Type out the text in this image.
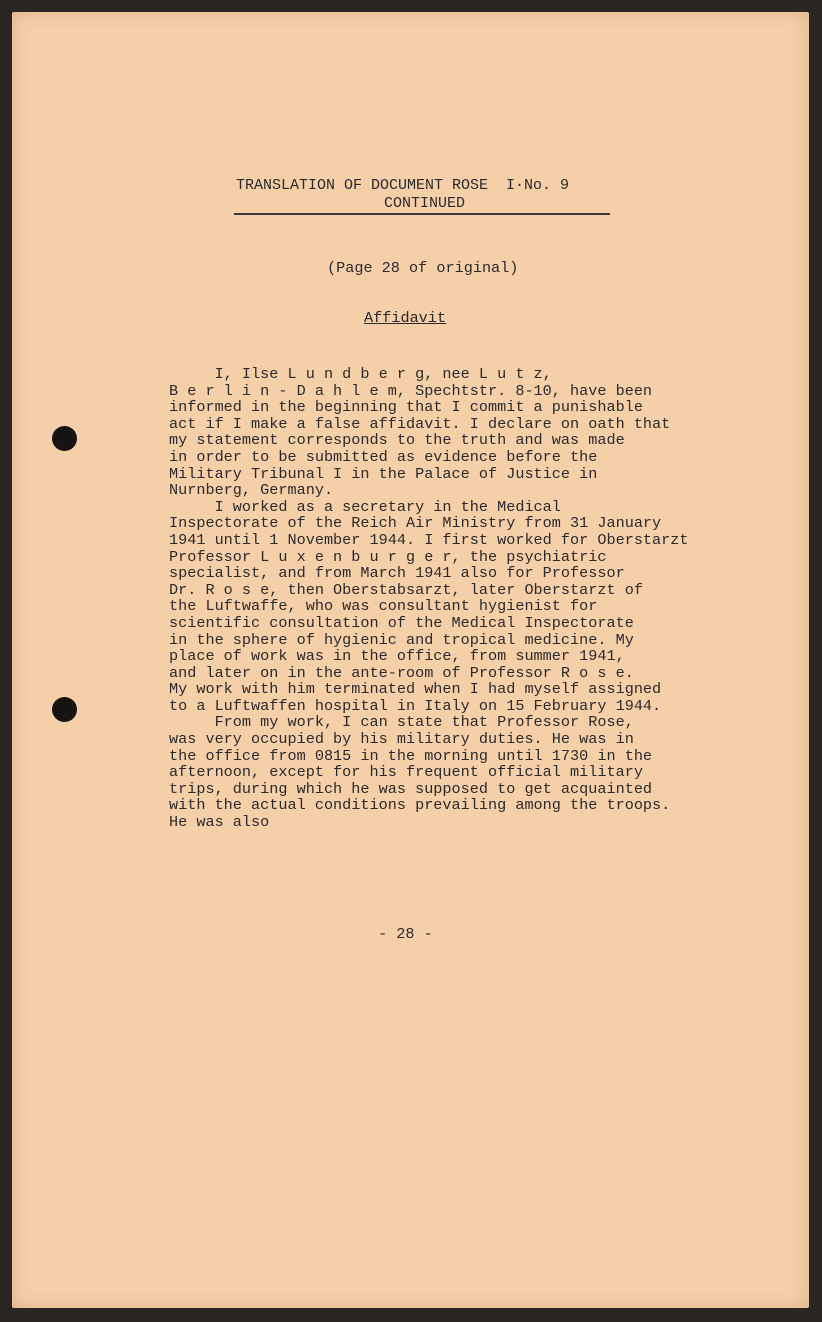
TRANSLATION OF DOCUMENT ROSE  I·No. 9
CONTINUED
(Page 28 of original)
Affidavit
I, Ilse L u n d b e r g, nee L u t z,
B e r l i n - D a h l e m, Spechtstr. 8-10, have been
informed in the beginning that I commit a punishable
act if I make a false affidavit. I declare on oath that
my statement corresponds to the truth and was made
in order to be submitted as evidence before the
Military Tribunal I in the Palace of Justice in
Nurnberg, Germany.
I worked as a secretary in the Medical
Inspectorate of the Reich Air Ministry from 31 January
1941 until 1 November 1944. I first worked for Oberstarzt
Professor L u x e n b u r g e r, the psychiatric
specialist, and from March 1941 also for Professor
Dr. R o s e, then Oberstabsarzt, later Oberstarzt of
the Luftwaffe, who was consultant hygienist for
scientific consultation of the Medical Inspectorate
in the sphere of hygienic and tropical medicine. My
place of work was in the office, from summer 1941,
and later on in the ante-room of Professor R o s e.
My work with him terminated when I had myself assigned
to a Luftwaffen hospital in Italy on 15 February 1944.
From my work, I can state that Professor Rose,
was very occupied by his military duties. He was in
the office from 0815 in the morning until 1730 in the
afternoon, except for his frequent official military
trips, during which he was supposed to get acquainted
with the actual conditions prevailing among the troops.
He was also
- 28 -
